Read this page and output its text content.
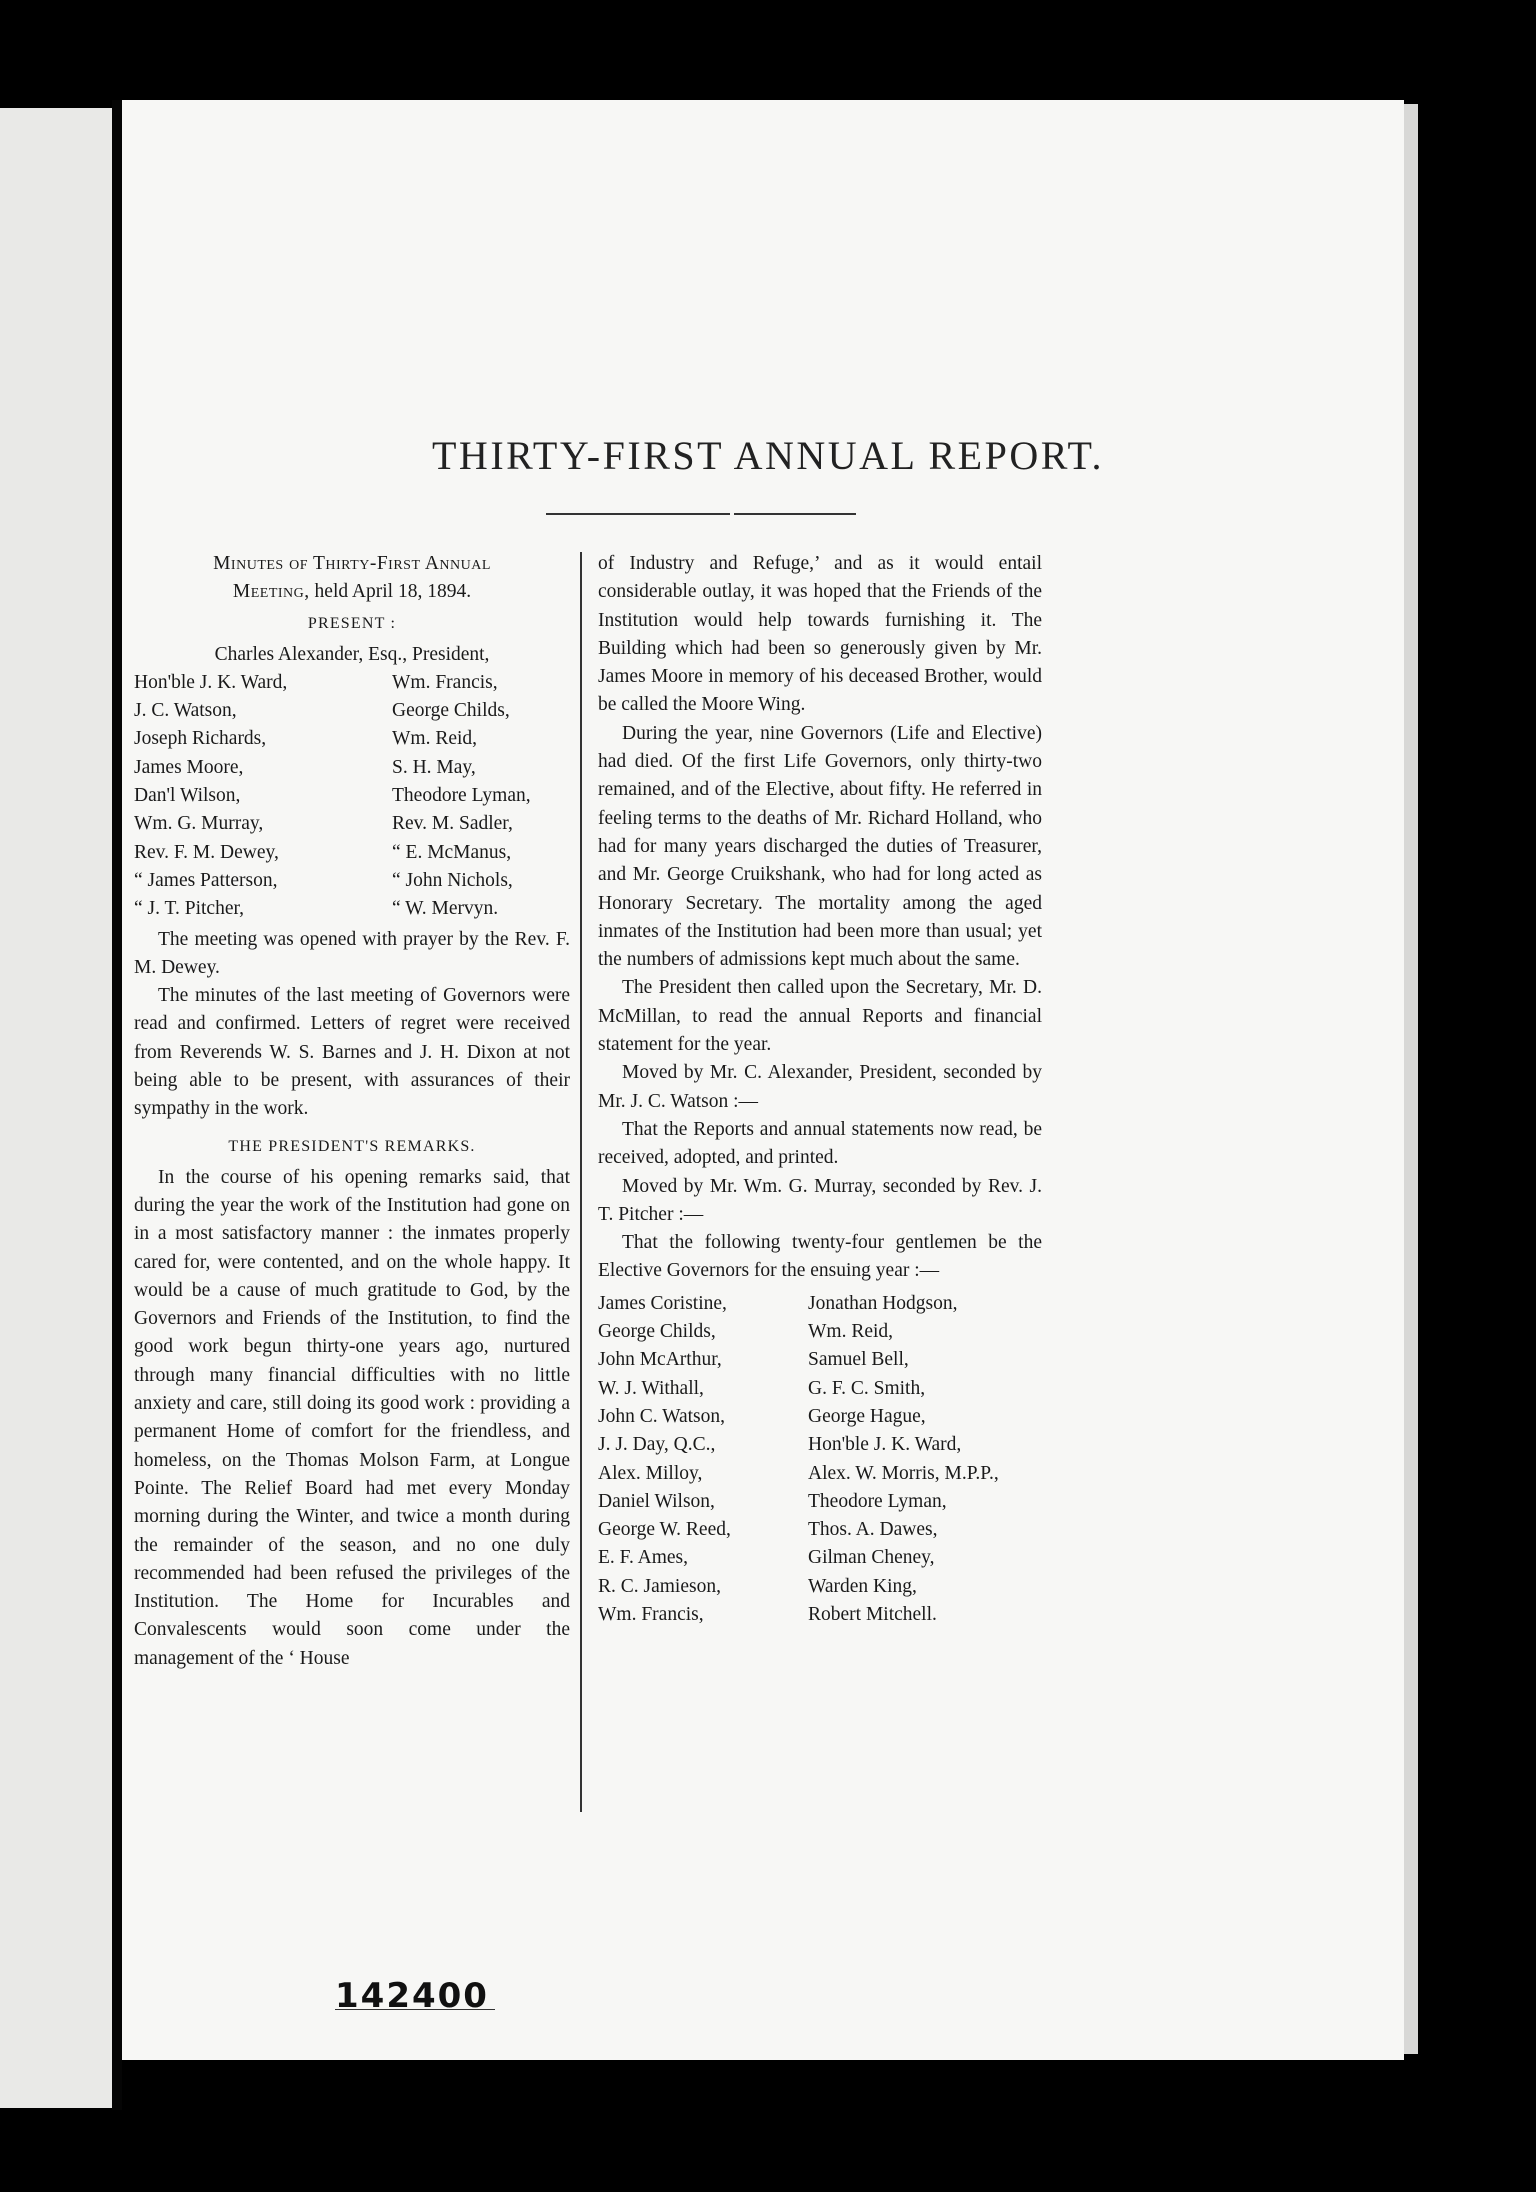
THIRTY-FIRST ANNUAL REPORT.

Minutes of Thirty-First Annual
Meeting, held April 18, 1894.

PRESENT :

Charles Alexander, Esq., President,

Hon'ble J. K. Ward,	Wm. Francis,
J. C. Watson,	George Childs,
Joseph Richards,	Wm. Reid,
James Moore,	S. H. May,
Dan'l Wilson,	Theodore Lyman,
Wm. G. Murray,	Rev. M. Sadler,
Rev. F. M. Dewey,	“ E. McManus,
“ James Patterson,	“ John Nichols,
“ J. T. Pitcher,	“ W. Mervyn.

The meeting was opened with prayer by the Rev. F. M. Dewey.

The minutes of the last meeting of Governors were read and confirmed. Letters of regret were received from Reverends W. S. Barnes and J. H. Dixon at not being able to be present, with assurances of their sympathy in the work.

THE PRESIDENT'S REMARKS.

In the course of his opening remarks said, that during the year the work of the Institution had gone on in a most satisfactory manner : the inmates properly cared for, were contented, and on the whole happy. It would be a cause of much gratitude to God, by the Governors and Friends of the Institution, to find the good work begun thirty-one years ago, nurtured through many financial difficulties with no little anxiety and care, still doing its good work : providing a permanent Home of comfort for the friendless, and homeless, on the Thomas Molson Farm, at Longue Pointe. The Relief Board had met every Monday morning during the Winter, and twice a month during the remainder of the season, and no one duly recommended had been refused the privileges of the Institution. The Home for Incurables and Convalescents would soon come under the management of the ‘ House

of Industry and Refuge,’ and as it would entail considerable outlay, it was hoped that the Friends of the Institution would help towards furnishing it. The Building which had been so generously given by Mr. James Moore in memory of his deceased Brother, would be called the Moore Wing.

During the year, nine Governors (Life and Elective) had died. Of the first Life Governors, only thirty-two remained, and of the Elective, about fifty. He referred in feeling terms to the deaths of Mr. Richard Holland, who had for many years discharged the duties of Treasurer, and Mr. George Cruikshank, who had for long acted as Honorary Secretary. The mortality among the aged inmates of the Institution had been more than usual; yet the numbers of admissions kept much about the same.

The President then called upon the Secretary, Mr. D. McMillan, to read the annual Reports and financial statement for the year.

Moved by Mr. C. Alexander, President, seconded by Mr. J. C. Watson :—

That the Reports and annual statements now read, be received, adopted, and printed.

Moved by Mr. Wm. G. Murray, seconded by Rev. J. T. Pitcher :—

That the following twenty-four gentlemen be the Elective Governors for the ensuing year :—

James Coristine,	Jonathan Hodgson,
George Childs,	Wm. Reid,
John McArthur,	Samuel Bell,
W. J. Withall,	G. F. C. Smith,
John C. Watson,	George Hague,
J. J. Day, Q.C.,	Hon'ble J. K. Ward,
Alex. Milloy,	Alex. W. Morris, M.P.P.,
Daniel Wilson,	Theodore Lyman,
George W. Reed,	Thos. A. Dawes,
E. F. Ames,	Gilman Cheney,
R. C. Jamieson,	Warden King,
Wm. Francis,	Robert Mitchell.
142400
